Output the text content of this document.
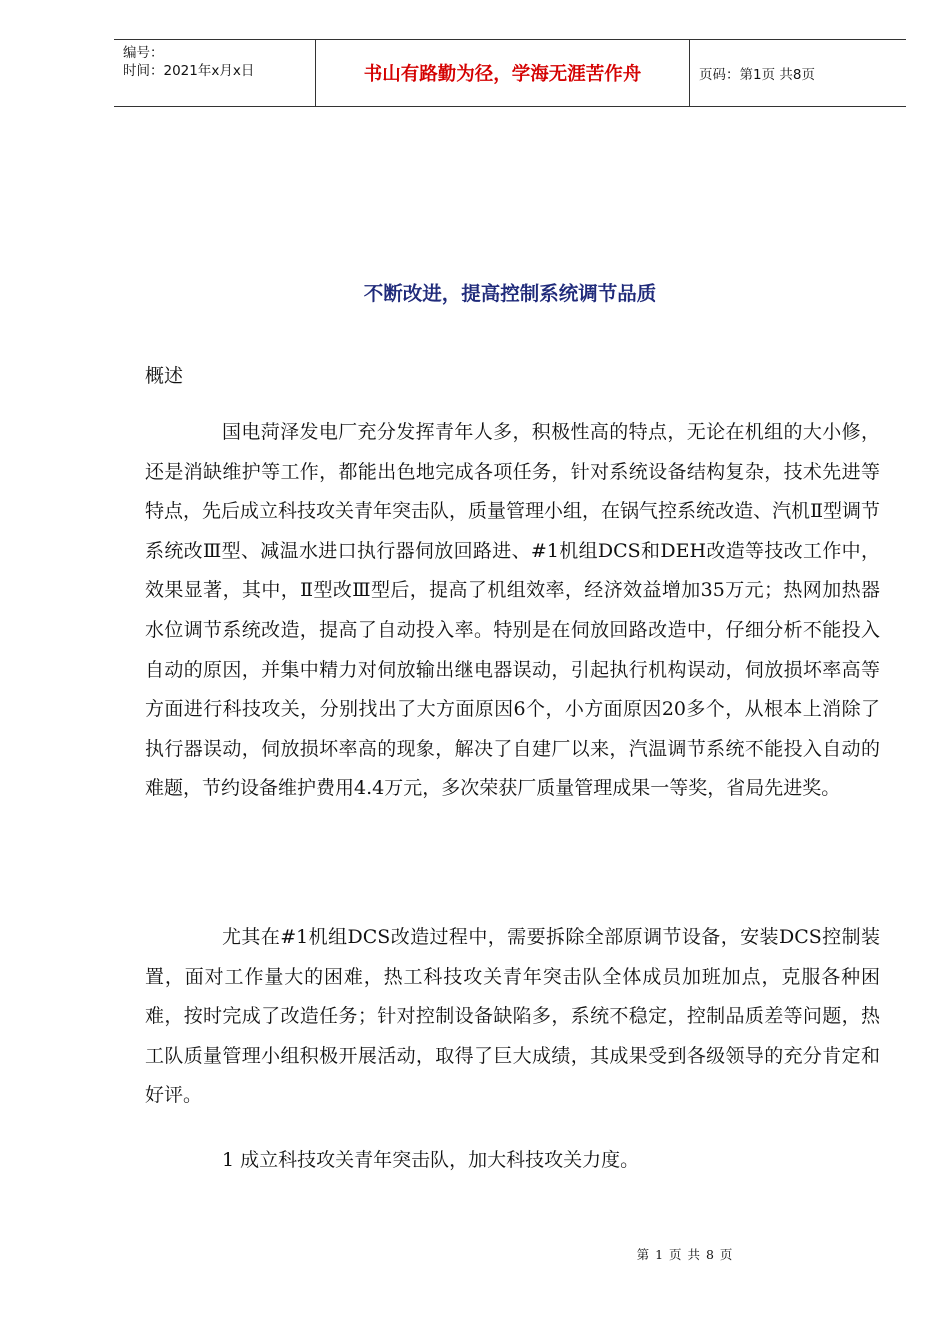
编号：
时间：2021年x月x日	书山有路勤为径，学海无涯苦作舟	页码：第1页 共8页
不断改进，提高控制系统调节品质
概述

国电菏泽发电厂充分发挥青年人多，积极性高的特点，无论在机组的大小修，还是消缺维护等工作，都能出色地完成各项任务，针对系统设备结构复杂，技术先进等特点，先后成立科技攻关青年突击队，质量管理小组，在锅气控系统改造、汽机Ⅱ型调节系统改Ⅲ型、减温水进口执行器伺放回路进、#1机组DCS和DEH改造等技改工作中，效果显著，其中，Ⅱ型改Ⅲ型后，提高了机组效率，经济效益增加35万元；热网加热器水位调节系统改造，提高了自动投入率。特别是在伺放回路改造中，仔细分析不能投入自动的原因，并集中精力对伺放输出继电器误动，引起执行机构误动，伺放损坏率高等方面进行科技攻关，分别找出了大方面原因6个，小方面原因20多个，从根本上消除了执行器误动，伺放损坏率高的现象，解决了自建厂以来，汽温调节系统不能投入自动的难题，节约设备维护费用4.4万元，多次荣获厂质量管理成果一等奖，省局先进奖。

尤其在#1机组DCS改造过程中，需要拆除全部原调节设备，安装DCS控制装置，面对工作量大的困难，热工科技攻关青年突击队全体成员加班加点，克服各种困难，按时完成了改造任务；针对控制设备缺陷多，系统不稳定，控制品质差等问题，热工队质量管理小组积极开展活动，取得了巨大成绩，其成果受到各级领导的充分肯定和好评。

1 成立科技攻关青年突击队，加大科技攻关力度。
第 1 页 共 8 页
